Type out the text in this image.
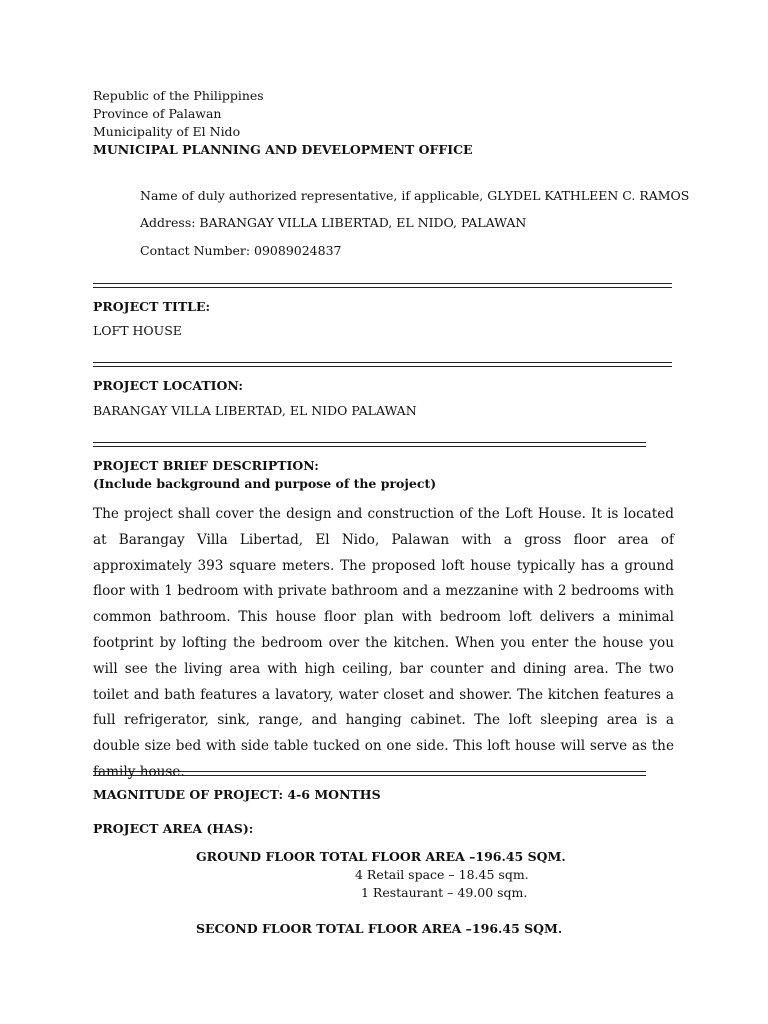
Republic of the Philippines
Province of Palawan
Municipality of El Nido
MUNICIPAL PLANNING AND DEVELOPMENT OFFICE
Name of duly authorized representative, if applicable, GLYDEL KATHLEEN C. RAMOS
Address: BARANGAY VILLA LIBERTAD, EL NIDO, PALAWAN
Contact Number: 09089024837
PROJECT TITLE:
LOFT HOUSE
PROJECT LOCATION:
BARANGAY VILLA LIBERTAD, EL NIDO PALAWAN
PROJECT BRIEF DESCRIPTION:
(Include background and purpose of the project)
The project shall cover the design and construction of the Loft House. It is located at Barangay Villa Libertad, El Nido, Palawan with a gross floor area of approximately 393 square meters. The proposed loft house typically has a ground floor with 1 bedroom with private bathroom and a mezzanine with 2 bedrooms with common bathroom. This house floor plan with bedroom loft delivers a minimal footprint by lofting the bedroom over the kitchen. When you enter the house you will see the living area with high ceiling, bar counter and dining area. The two toilet and bath features a lavatory, water closet and shower. The kitchen features a full refrigerator, sink, range, and hanging cabinet. The loft sleeping area is a double size bed with side table tucked on one side. This loft house will serve as the family house.
MAGNITUDE OF PROJECT: 4-6 MONTHS
PROJECT AREA (HAS):
GROUND FLOOR TOTAL FLOOR AREA –196.45 SQM.
4 Retail space – 18.45 sqm.
1 Restaurant – 49.00 sqm.
SECOND FLOOR TOTAL FLOOR AREA –196.45 SQM.
